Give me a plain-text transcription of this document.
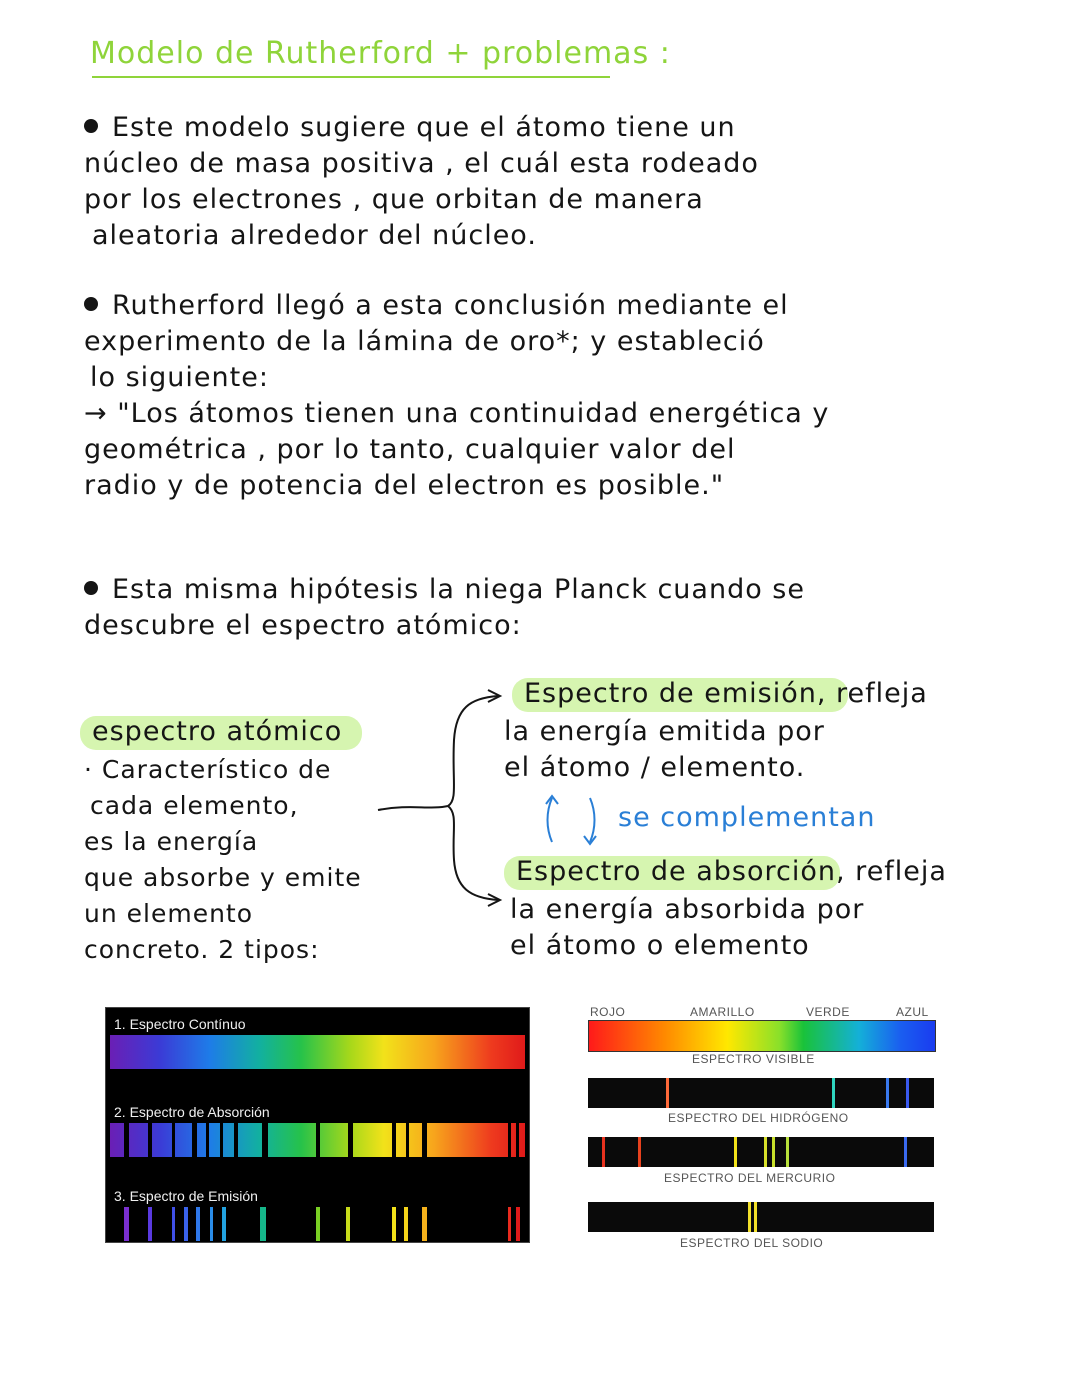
Modelo de Rutherford + problemas :
Este modelo sugiere que el átomo tiene un
núcleo de masa positiva , el cuál esta rodeado
por los electrones , que orbitan de manera
aleatoria alrededor del núcleo.
Rutherford llegó a esta conclusión mediante el
experimento de la lámina de oro*; y estableció
lo siguiente:
→ "Los átomos tienen una continuidad energética y
geométrica , por lo tanto, cualquier valor del
radio y de potencia del electron es posible."
Esta misma hipótesis la niega Planck cuando se
descubre el espectro atómico:
espectro atómico
· Característico de
cada elemento,
es la energía
que absorbe y emite
un elemento
concreto. 2 tipos:
Espectro de emisión, refleja
la energía emitida por
el átomo / elemento.
se complementan
Espectro de absorción, refleja
la energía absorbida por
el átomo o elemento
1. Espectro Contínuo
2. Espectro de Absorción
3. Espectro de Emisión
ROJO	AMARILLO	VERDE	AZUL
ESPECTRO VISIBLE
ESPECTRO DEL HIDRÓGENO
ESPECTRO DEL MERCURIO
ESPECTRO DEL SODIO
